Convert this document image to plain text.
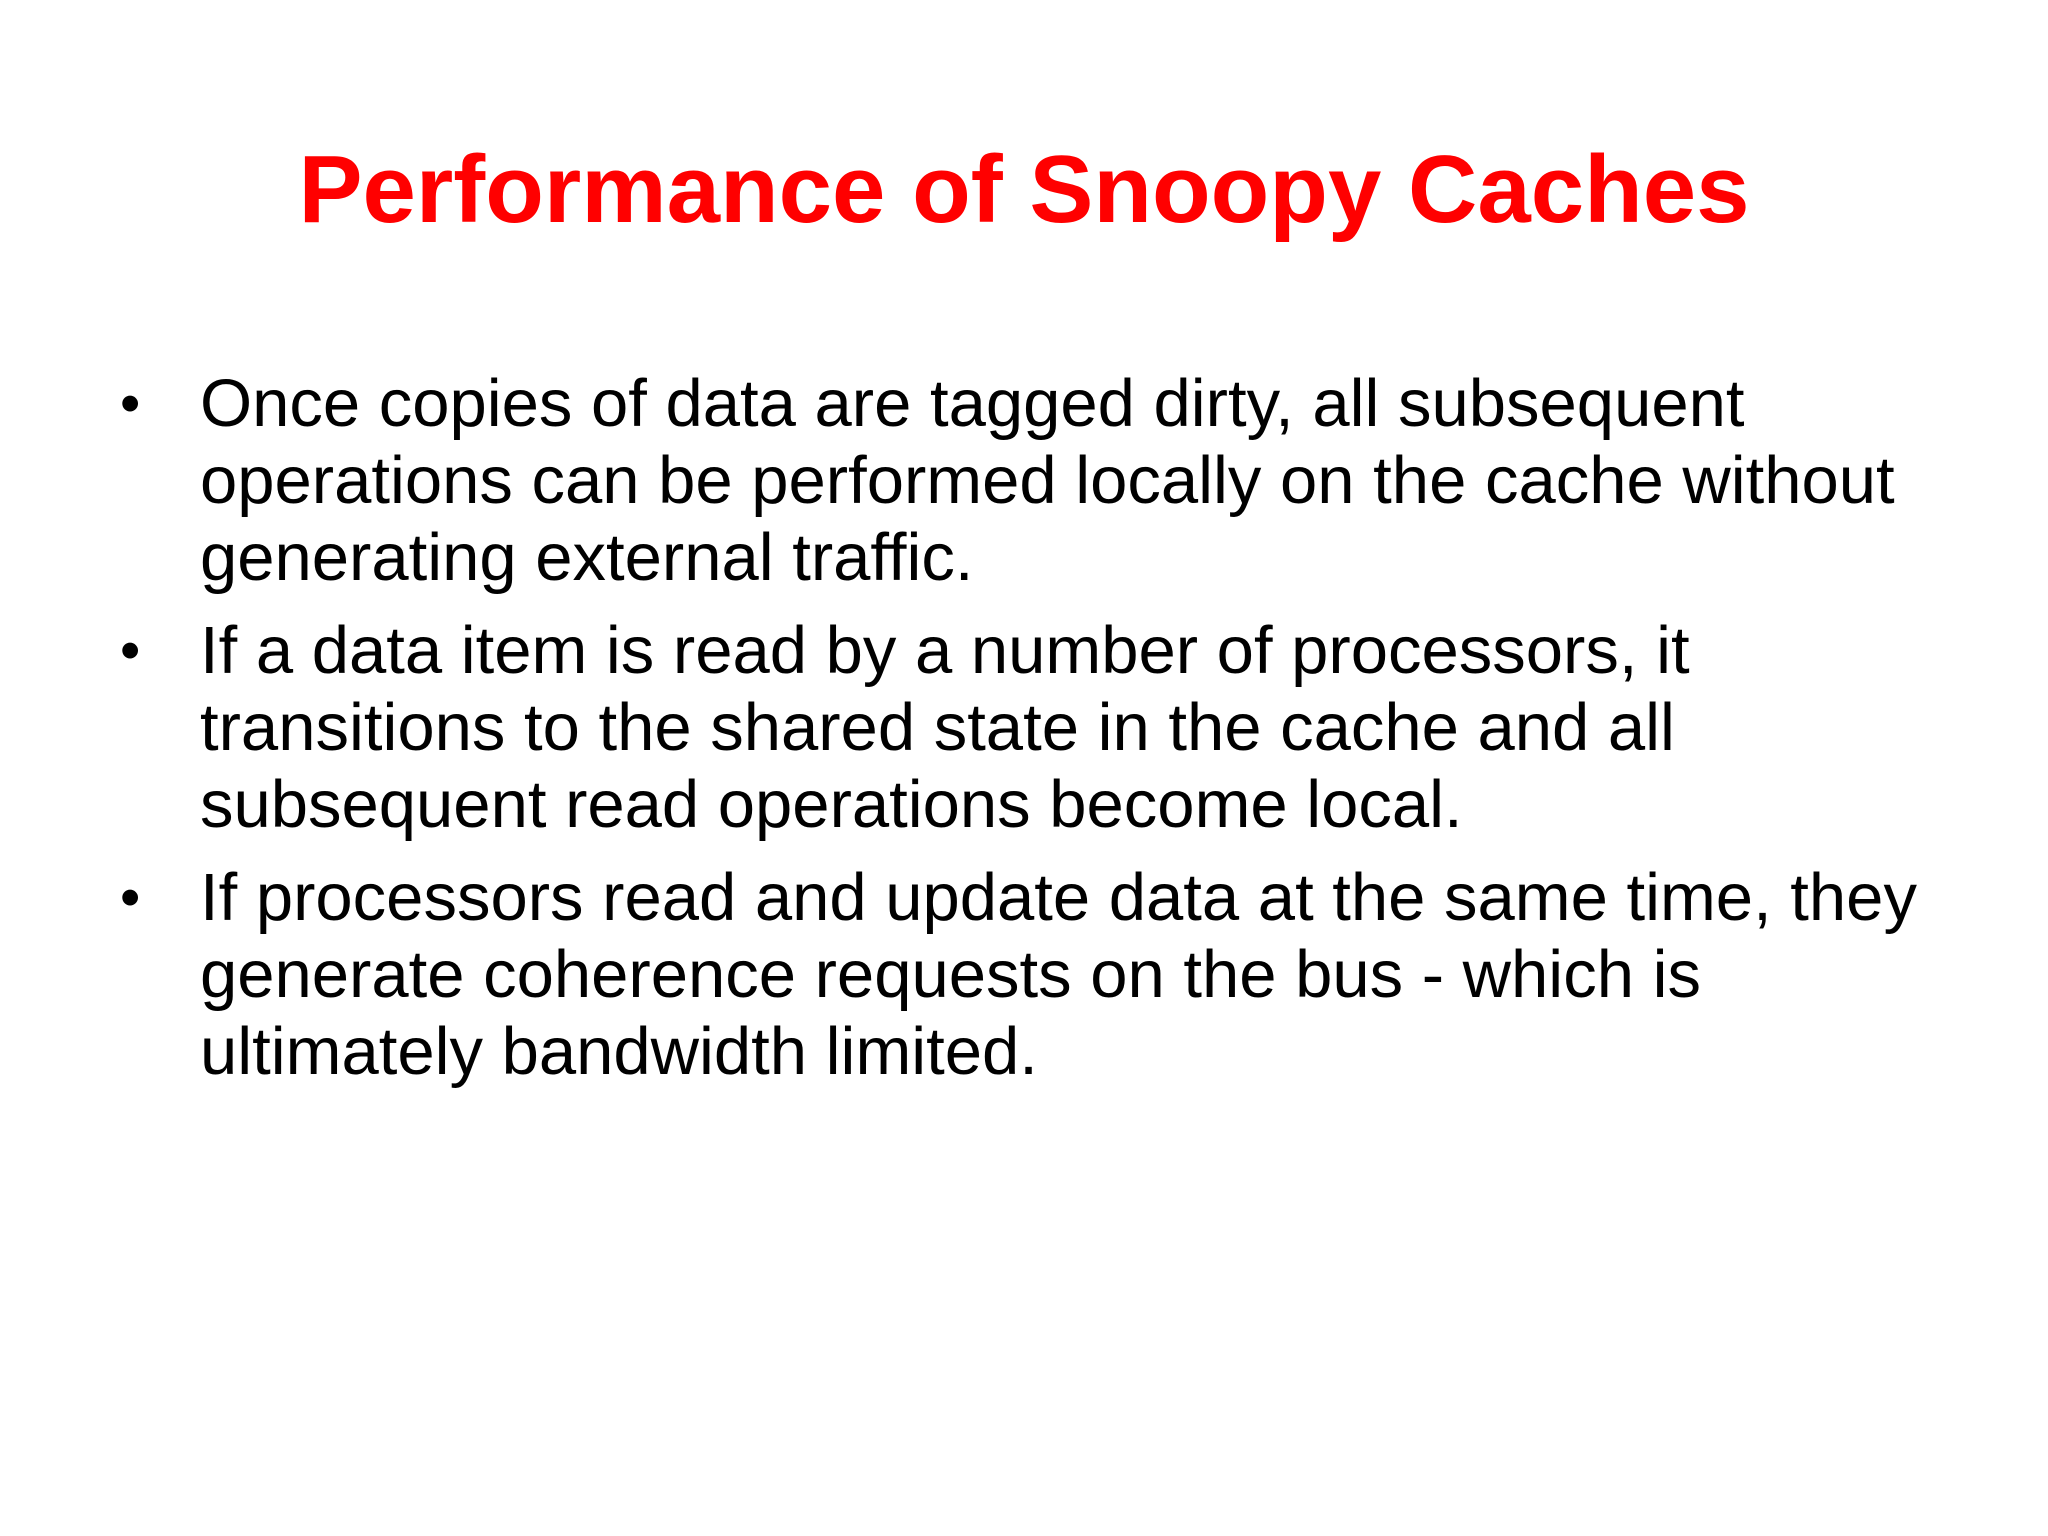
Performance of Snoopy Caches
• Once copies of data are tagged dirty, all subsequent operations can be performed locally on the cache without generating external traffic.
• If a data item is read by a number of processors, it transitions to the shared state in the cache and all subsequent read operations become local.
• If processors read and update data at the same time, they generate coherence requests on the bus - which is ultimately bandwidth limited.
